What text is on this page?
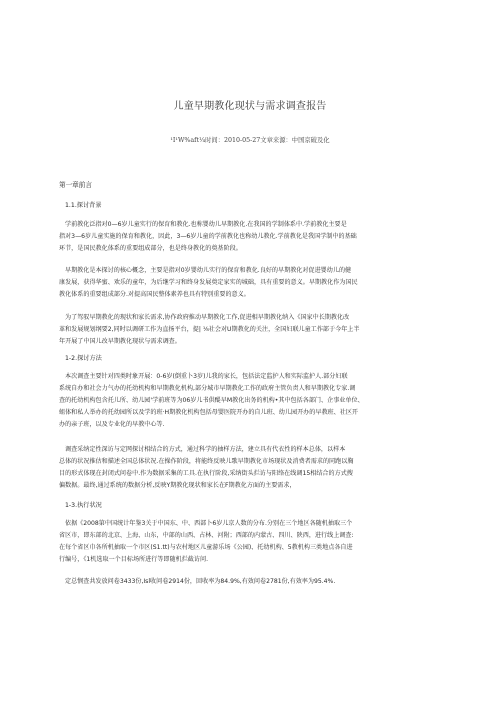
儿童早期教化现状与需求调查报告
¹I¹W%aft¼时间：2010-05-27文章来源：中国京破及化
第一章前言
1.1.探讨背景
学前教化泛指对0—6岁儿童实行的保育和教化.也称婴幼儿早期教化.在我国的学制体系中.学前教化主要是
指对3—6岁儿童实施的保育和教化，因此，3—6岁儿童的学前教化也称幼儿教化.学前教化是我国学制中的基础
环节，是国民教化体系的重要组成部分，也是终身教化的奠基阶段。
早期教化是本探讨的核心概念，主要是指对0岁婴幼儿实行的保育和教化.良好的早期教化对促进婴幼儿的健
康发展，获得华蜜、欢乐的童年，为后继学习和终身发展奠定家实的城础，具有重要的意义。早期教化作为国民
教化体系的重要组成部分.对提高国民整体素养也具有特别重要的意义。
为了驾驭早期教化的现状和家长需求,协作政府推动早期教化工作,促进相早期教化纳入《国家中长期教化改
革和发展规划纲要2,同时以调研工作为直扬平台，提| ⅛社会对U期教化的关注，全国妇联儿童工作部于今年上半
年开展了中国儿改早期教化现状与需求调查。
1-2.探讨方法
本次调查主要针对四类时象开展：0-6岁(倒重卜3岁)儿我的家长，包括法定监护人和实际监护人.部分妇联
系统自办和社会力气办的托幼机构和早期教化机构,部分城市早期教化工作的政府主管负责人和早期教化专家.调
查的托幼机构包含托儿所、幼儿园'学前班等为06岁儿书供醍早M教化出务的机构•其中包括各部门、企事业单位、
蛆体和私人举办的托幼园所以及学的班·H期教化机构包括母婴医院开办的自儿班、幼儿园开办的早教班、社区开
办的亲子班，以及专业化的早教中心等.
调查采纳定性深访与定网探讨相结合的方式，通过科学的抽样方法，建立具有代衣性的样本总体，以样本
总体的状况推估和描述全国总体状况.在操作阶段，将能终反映儿歌早期教化市场现状及消费者需求的同跑以胸
目的形式体现在封闭式问卷中.作为数据采集的工具.在执行阶段,采纳街头拦访与阳络在线调15相结合的方式搜
偏数据。最终,通过系统的数据分析,反映Y期教化现状和家长在F期教化方面的主要需求，
1-3.执行状况
依据《2008第中国统计年鉴3关于中国东、中、西部卜6岁儿京人数的分布.分别在三个地区各随机抽取三个
省区市，即东部的北京、上海、山东，中部的山西、占林、河附；西部的内蒙古、四川、陕西，进行线上调查:
在每个省区巾各所机抽取一个市区(S1.tt)与农村地区儿童游乐场《公园)、托幼机构、5教机构三类地点各自进
行编号，《1机选取一个目标场所进行等即随机拦截访问.
定总悯查共发放问卷3433份,Isl收问卷2914份，回收率为84.9%,有效问卷2781份,有效率为95.4%.
